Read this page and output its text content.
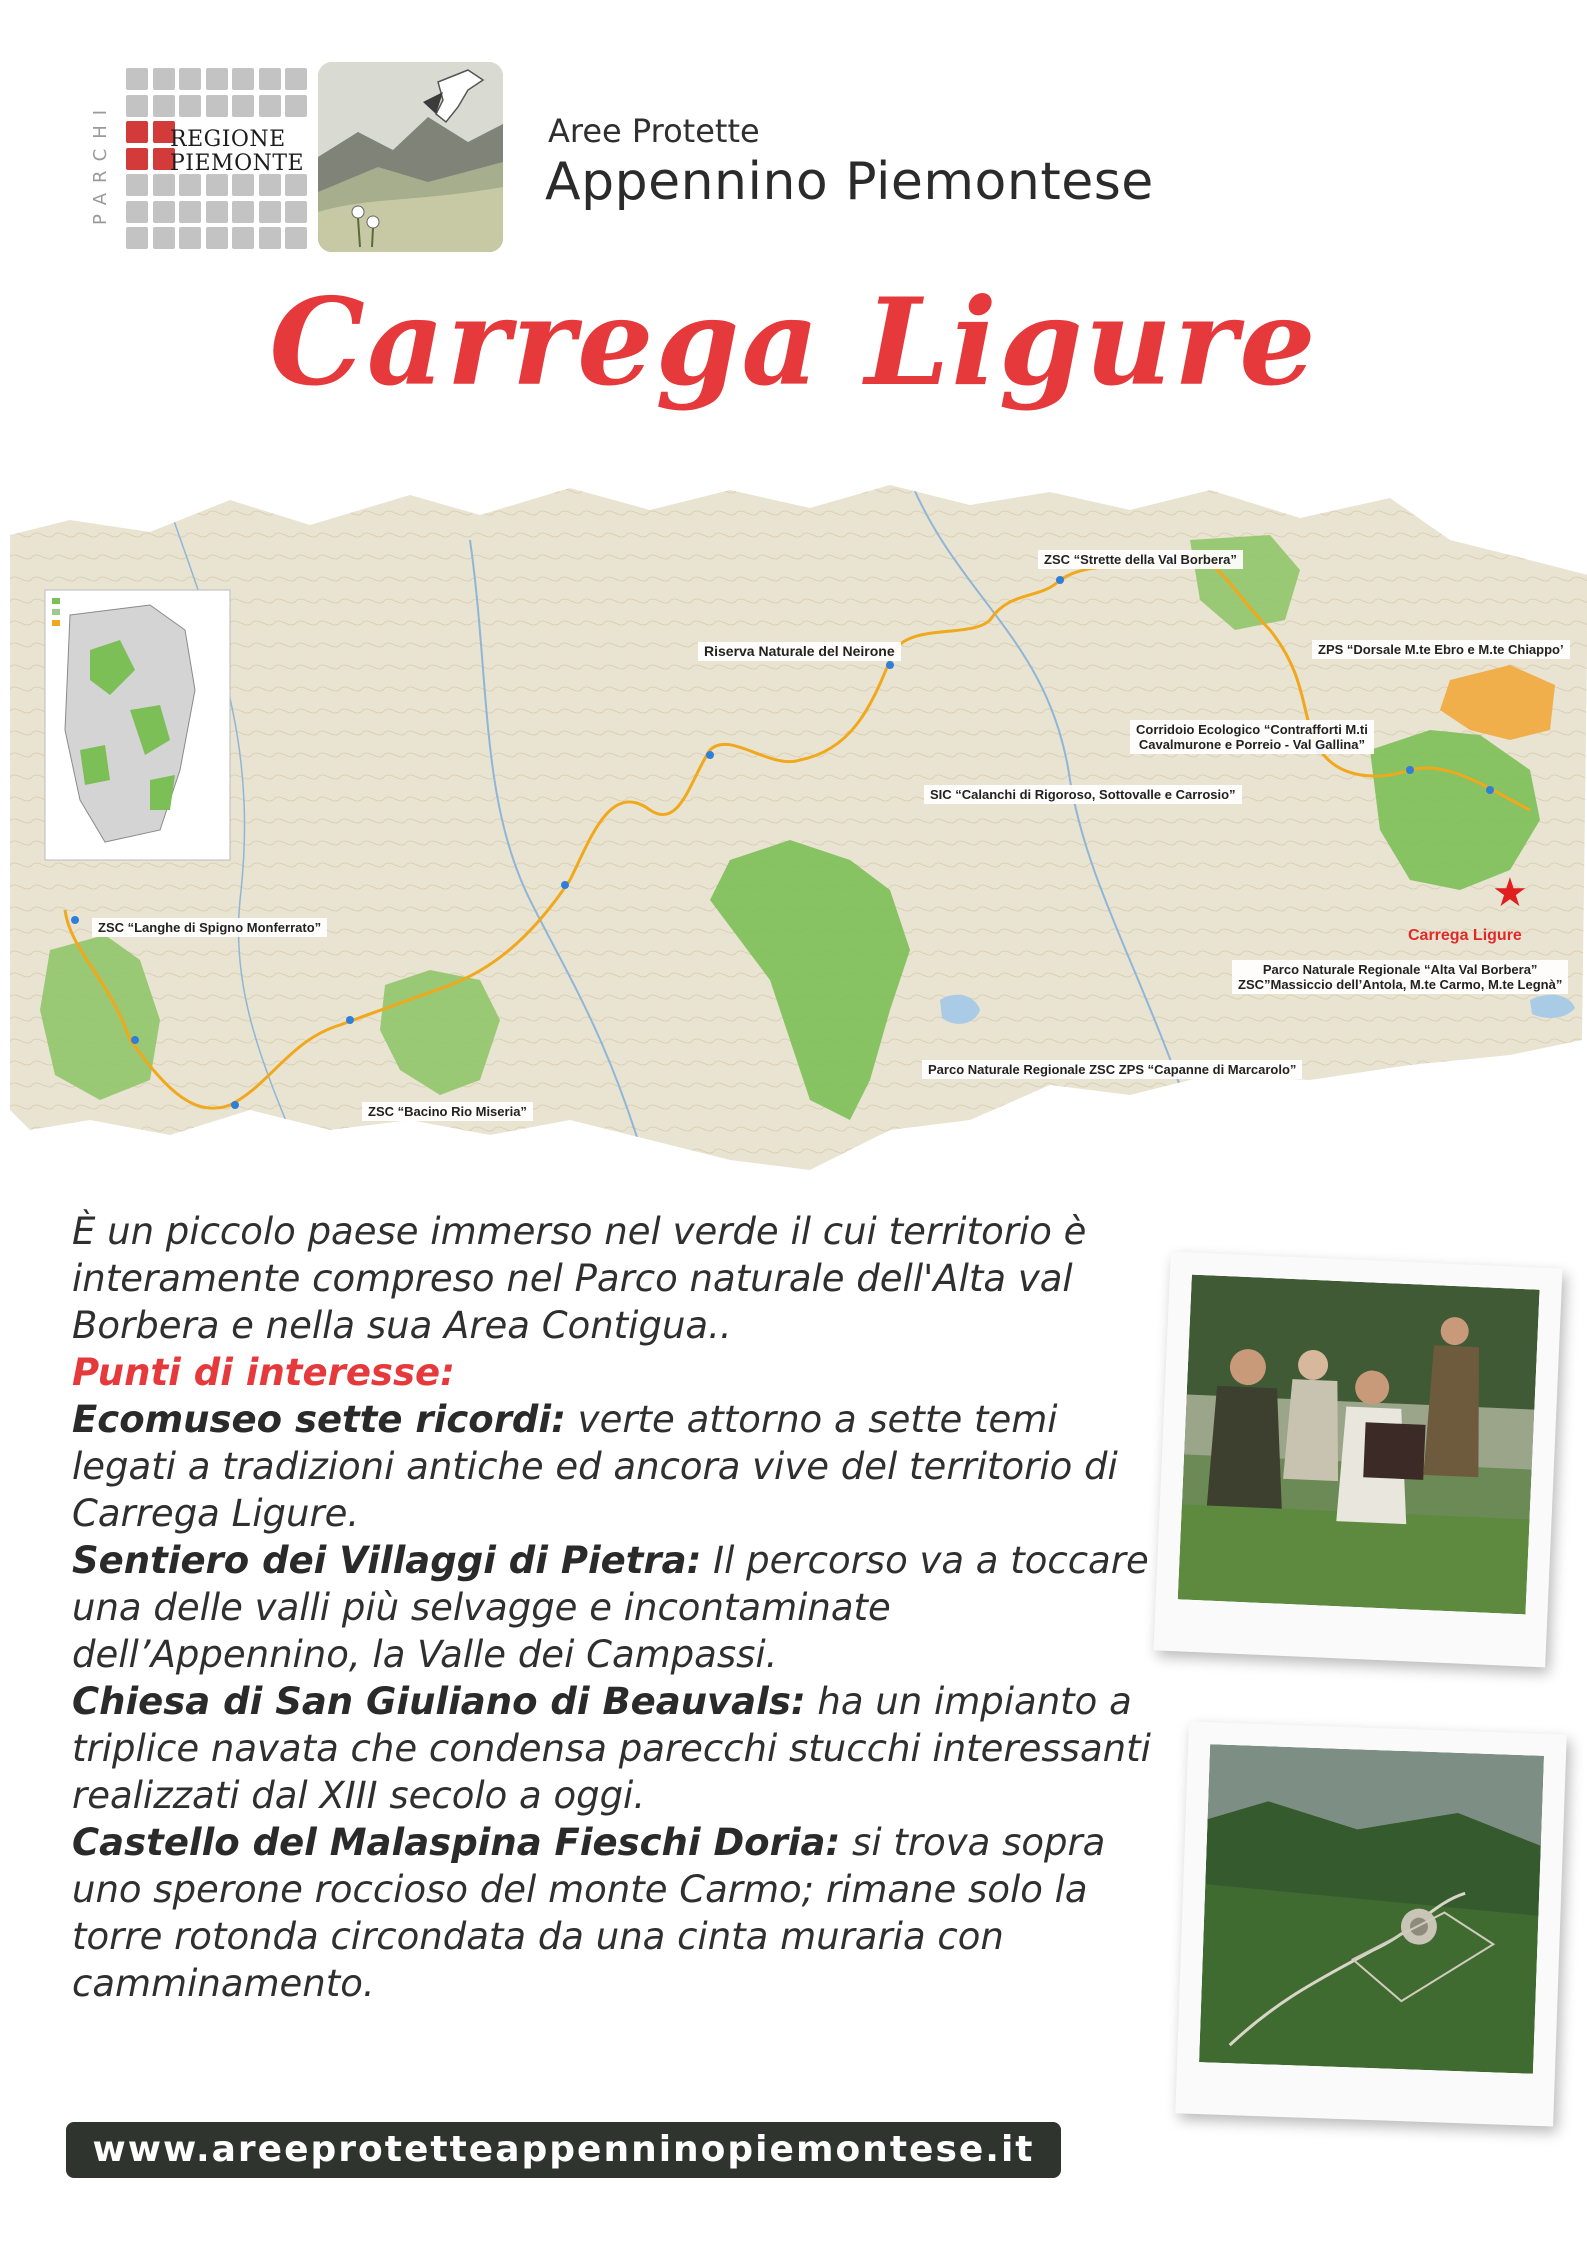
PARCHI	REGIONE
PIEMONTE
Aree Protette
Appennino Piemontese
Carrega Ligure
ZSC “Strette della Val Borbera”
Riserva Naturale del Neirone	ZPS “Dorsale M.te Ebro e M.te Chiappo’
Corridoio Ecologico “Contrafforti M.ti
Cavalmurone e Porreio - Val Gallina”
SIC “Calanchi di Rigoroso, Sottovalle e Carrosio”
ZSC “Langhe di Spigno Monferrato”
★
Carrega Ligure
Parco Naturale Regionale “Alta Val Borbera”
ZSC”Massiccio dell’Antola, M.te Carmo, M.te Legnà”
Parco Naturale Regionale ZSC ZPS “Capanne di Marcarolo”
ZSC “Bacino Rio Miseria”

È un piccolo paese immerso nel verde il cui territorio è interamente compreso nel Parco naturale dell'Alta val Borbera e nella sua Area Contigua..

Punti di interesse:

Ecomuseo sette ricordi: verte attorno a sette temi legati a tradizioni antiche ed ancora vive del territorio di Carrega Ligure.

Sentiero dei Villaggi di Pietra: Il percorso va a toccare una delle valli più selvagge e incontaminate dell’Appennino, la Valle dei Campassi.

Chiesa di San Giuliano di Beauvals: ha un impianto a triplice navata che condensa parecchi stucchi interessanti realizzati dal XIII secolo a oggi.

Castello del Malaspina Fieschi Doria: si trova sopra uno sperone roccioso del monte Carmo; rimane solo la torre rotonda circondata da una cinta muraria con camminamento.

www.areeprotetteappenninopiemontese.it
